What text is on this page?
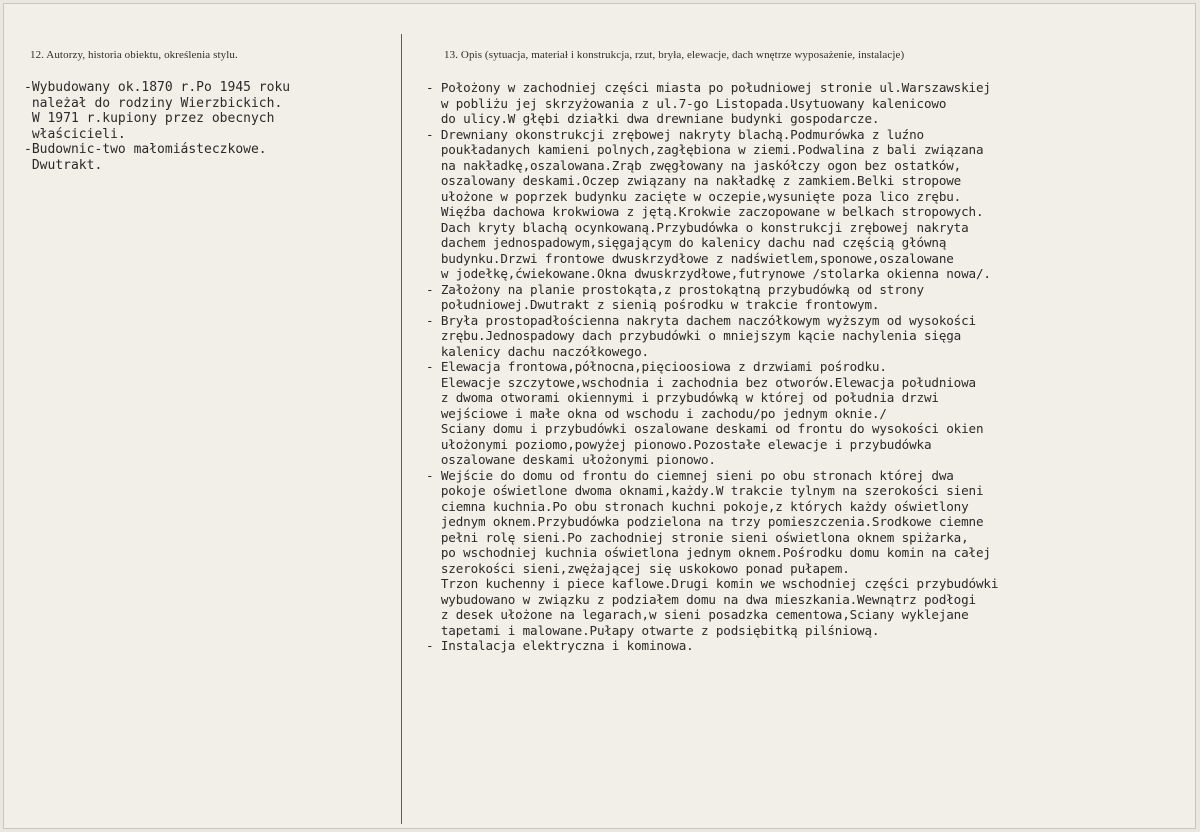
12. Autorzy, historia obiektu, określenia stylu.	13. Opis (sytuacja, materiał i konstrukcja, rzut, bryła, elewacje, dach wnętrze wyposażenie, instalacje)
-Wybudowany ok.1870 r.Po 1945 roku
należał do rodziny Wierzbickich.
W 1971 r.kupiony przez obecnych
właścicieli.
-Budownic-two małomiásteczkowe.
Dwutrakt.
- Położony w zachodniej części miasta po południowej stronie ul.Warszawskiej
w pobliżu jej skrzyżowania z ul.7-go Listopada.Usytuowany kalenicowo
do ulicy.W głębi działki dwa drewniane budynki gospodarcze.
- Drewniany okonstrukcji zrębowej nakryty blachą.Podmurówka z luźno
poukładanych kamieni polnych,zagłębiona w ziemi.Podwalina z bali związana
na nakładkę,oszalowana.Zrąb zwęgłowany na jaskółczy ogon bez ostatków,
oszalowany deskami.Oczep związany na nakładkę z zamkiem.Belki stropowe
ułożone w poprzek budynku zacięte w oczepie,wysunięte poza lico zrębu.
Więźba dachowa krokwiowa z jętą.Krokwie zaczopowane w belkach stropowych.
Dach kryty blachą ocynkowaną.Przybudówka o konstrukcji zrębowej nakryta
dachem jednospadowym,sięgającym do kalenicy dachu nad częścią główną
budynku.Drzwi frontowe dwuskrzydłowe z nadświetlem,sponowe,oszalowane
w jodełkę,ćwiekowane.Okna dwuskrzydłowe,futrynowe /stolarka okienna nowa/.
- Założony na planie prostokąta,z prostokątną przybudówką od strony
południowej.Dwutrakt z sienią pośrodku w trakcie frontowym.
- Bryła prostopadłościenna nakryta dachem naczółkowym wyższym od wysokości
zrębu.Jednospadowy dach przybudówki o mniejszym kącie nachylenia sięga
kalenicy dachu naczółkowego.
- Elewacja frontowa,północna,pięcioosiowa z drzwiami pośrodku.
Elewacje szczytowe,wschodnia i zachodnia bez otworów.Elewacja południowa
z dwoma otworami okiennymi i przybudówką w której od południa drzwi
wejściowe i małe okna od wschodu i zachodu/po jednym oknie./
Sciany domu i przybudówki oszalowane deskami od frontu do wysokości okien
ułożonymi poziomo,powyżej pionowo.Pozostałe elewacje i przybudówka
oszalowane deskami ułożonymi pionowo.
- Wejście do domu od frontu do ciemnej sieni po obu stronach której dwa
pokoje oświetlone dwoma oknami,każdy.W trakcie tylnym na szerokości sieni
ciemna kuchnia.Po obu stronach kuchni pokoje,z których każdy oświetlony
jednym oknem.Przybudówka podzielona na trzy pomieszczenia.Srodkowe ciemne
pełni rolę sieni.Po zachodniej stronie sieni oświetlona oknem spiżarka,
po wschodniej kuchnia oświetlona jednym oknem.Pośrodku domu komin na całej
szerokości sieni,zwężającej się uskokowo ponad pułapem.
Trzon kuchenny i piece kaflowe.Drugi komin we wschodniej części przybudówki
wybudowano w związku z podziałem domu na dwa mieszkania.Wewnątrz podłogi
z desek ułożone na legarach,w sieni posadzka cementowa,Sciany wyklejane
tapetami i malowane.Pułapy otwarte z podsiębitką pilśniową.
- Instalacja elektryczna i kominowa.
